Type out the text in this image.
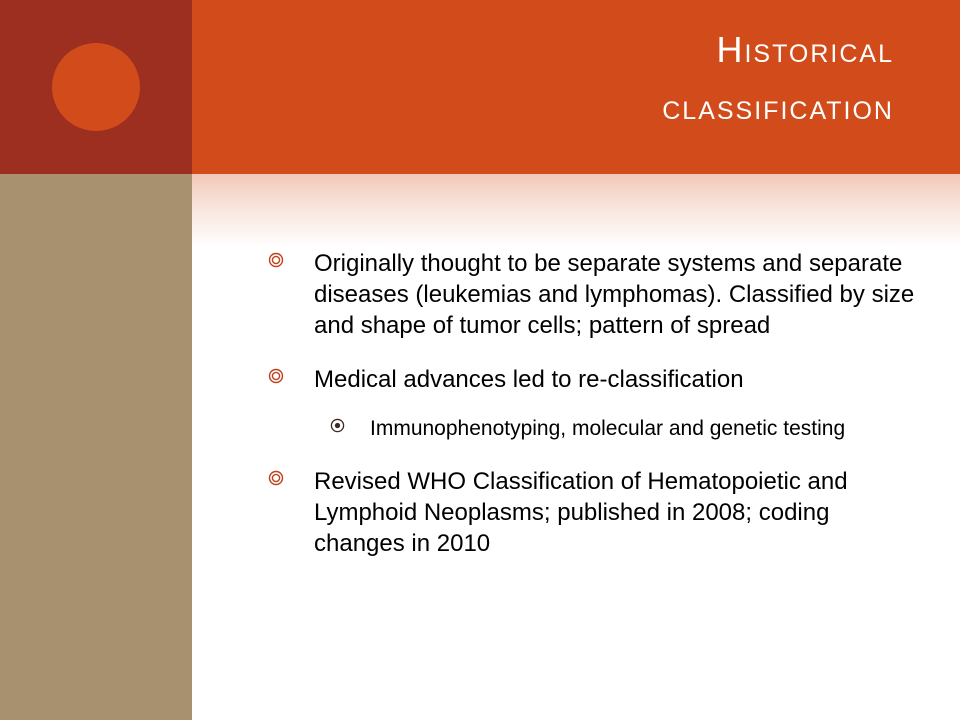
Historical
classification
Originally thought to be separate systems and separate diseases (leukemias and lymphomas). Classified by size and shape of tumor cells; pattern of spread
Medical advances led to re-classification
Immunophenotyping, molecular and genetic testing
Revised WHO Classification of Hematopoietic and Lymphoid Neoplasms; published in 2008; coding changes in 2010
